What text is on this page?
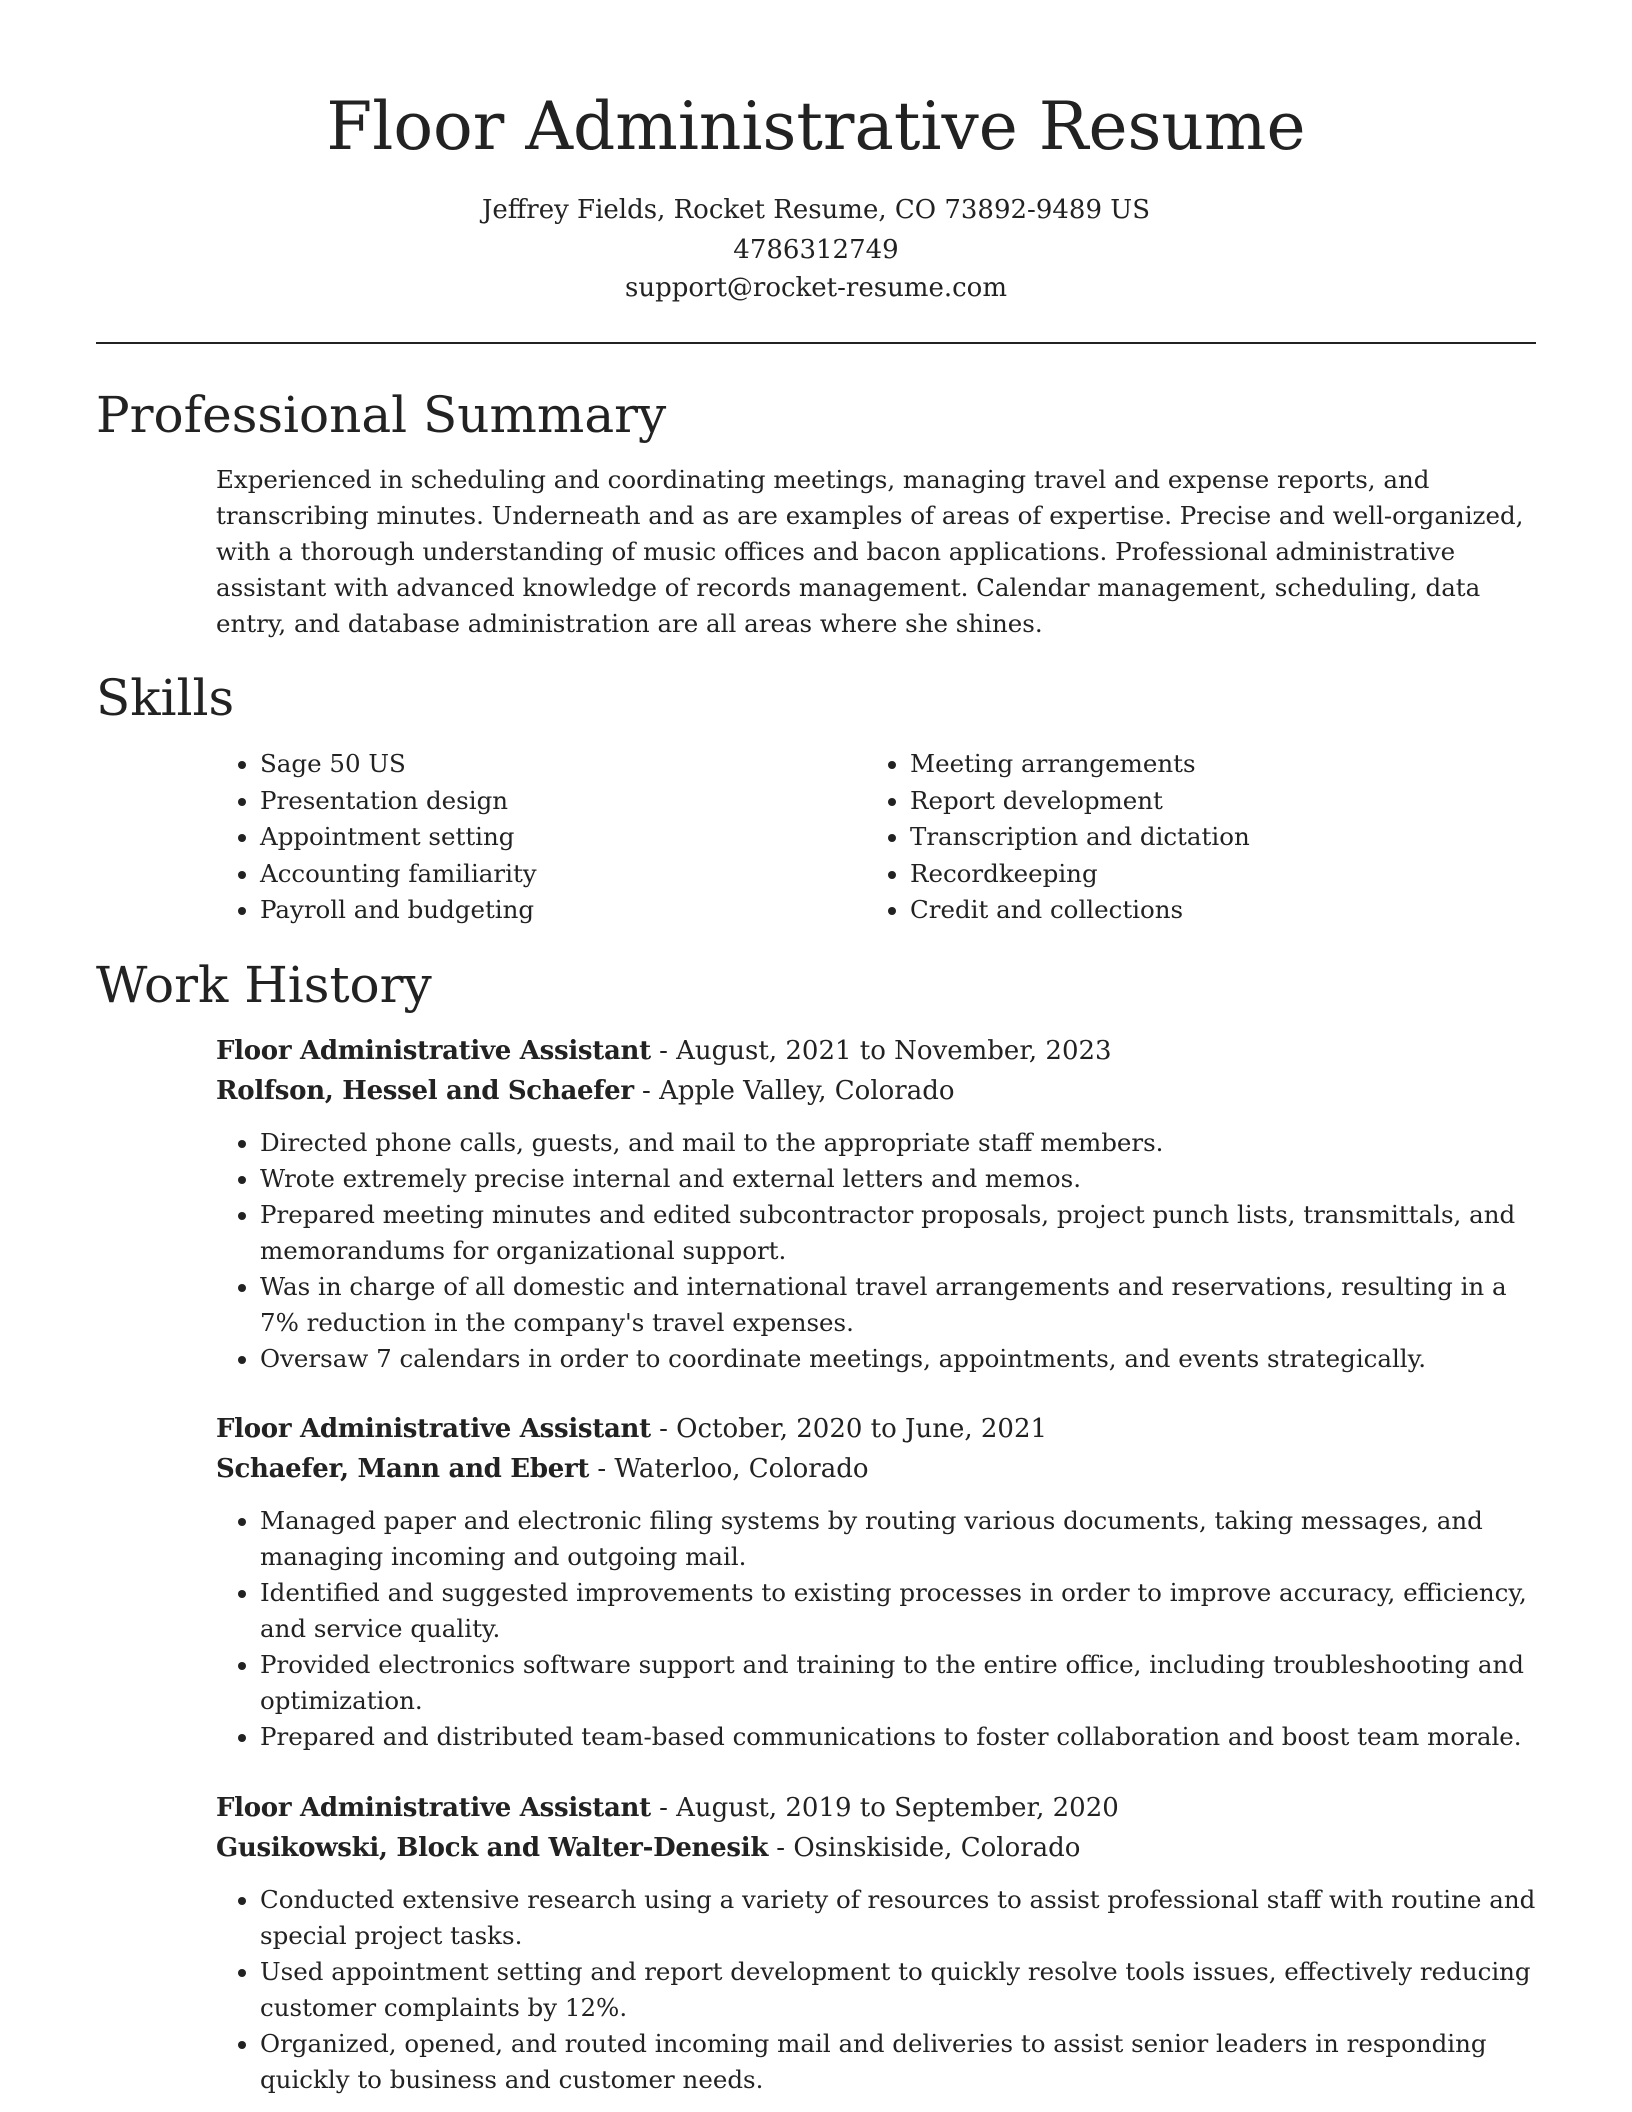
Floor Administrative Resume
Jeffrey Fields, Rocket Resume, CO 73892-9489 US
4786312749
support@rocket-resume.com
Professional Summary

Experienced in scheduling and coordinating meetings, managing travel and expense reports, and transcribing minutes. Underneath and as are examples of areas of expertise. Precise and well-organized, with a thorough understanding of music offices and bacon applications. Professional administrative assistant with advanced knowledge of records management. Calendar management, scheduling, data entry, and database administration are all areas where she shines.

Skills
• Sage 50 US
• Presentation design
• Appointment setting
• Accounting familiarity
• Payroll and budgeting
• Meeting arrangements
• Report development
• Transcription and dictation
• Recordkeeping
• Credit and collections
Work History
Floor Administrative Assistant - August, 2021 to November, 2023
Rolfson, Hessel and Schaefer - Apple Valley, Colorado
• Directed phone calls, guests, and mail to the appropriate staff members.
• Wrote extremely precise internal and external letters and memos.
• Prepared meeting minutes and edited subcontractor proposals, project punch lists, transmittals, and memorandums for organizational support.
• Was in charge of all domestic and international travel arrangements and reservations, resulting in a 7% reduction in the company's travel expenses.
• Oversaw 7 calendars in order to coordinate meetings, appointments, and events strategically.
Floor Administrative Assistant - October, 2020 to June, 2021
Schaefer, Mann and Ebert - Waterloo, Colorado
• Managed paper and electronic filing systems by routing various documents, taking messages, and managing incoming and outgoing mail.
• Identified and suggested improvements to existing processes in order to improve accuracy, efficiency, and service quality.
• Provided electronics software support and training to the entire office, including troubleshooting and optimization.
• Prepared and distributed team-based communications to foster collaboration and boost team morale.
Floor Administrative Assistant - August, 2019 to September, 2020
Gusikowski, Block and Walter-Denesik - Osinskiside, Colorado
• Conducted extensive research using a variety of resources to assist professional staff with routine and special project tasks.
• Used appointment setting and report development to quickly resolve tools issues, effectively reducing customer complaints by 12%.
• Organized, opened, and routed incoming mail and deliveries to assist senior leaders in responding quickly to business and customer needs.
